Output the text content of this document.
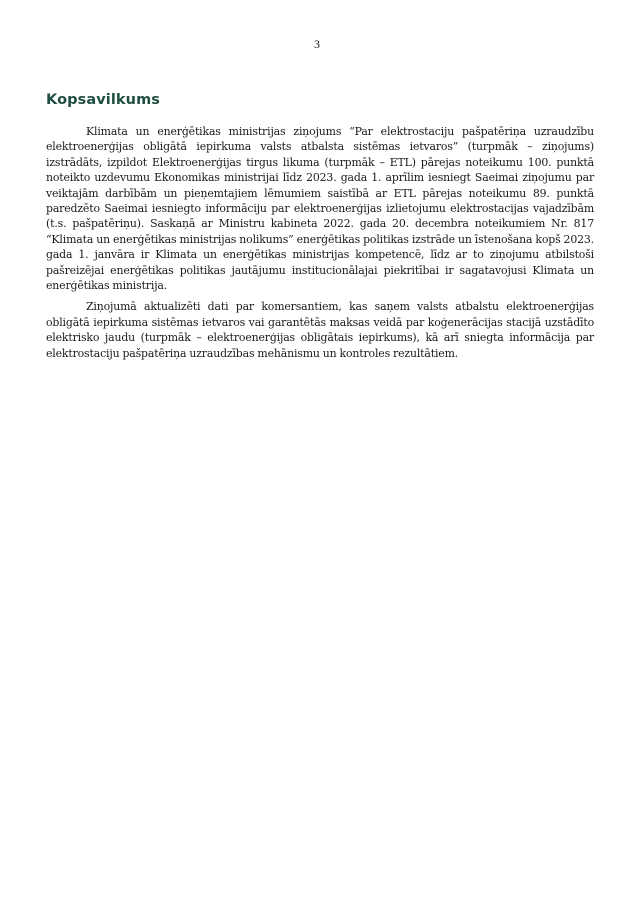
3
Kopsavilkums

Klimata un enerģētikas ministrijas ziņojums “Par elektrostaciju pašpatēriņa uzraudzību elektroenerģijas obligātā iepirkuma valsts atbalsta sistēmas ietvaros” (turpmāk – ziņojums) izstrādāts, izpildot Elektroenerģijas tirgus likuma (turpmāk – ETL) pārejas noteikumu 100. punktā noteikto uzdevumu Ekonomikas ministrijai līdz 2023. gada 1. aprīlim iesniegt Saeimai ziņojumu par veiktajām darbībām un pieņemtajiem lēmumiem saistībā ar ETL pārejas noteikumu 89. punktā paredzēto Saeimai iesniegto informāciju par elektroenerģijas izlietojumu elektrostacijas vajadzībām (t.s. pašpatēriņu). Saskaņā ar Ministru kabineta 2022. gada 20. decembra noteikumiem Nr. 817 “Klimata un enerģētikas ministrijas nolikums” enerģētikas politikas izstrāde un īstenošana kopš 2023. gada 1. janvāra ir Klimata un enerģētikas ministrijas kompetencē, līdz ar to ziņojumu atbilstoši pašreizējai enerģētikas politikas jautājumu institucionālajai piekritībai ir sagatavojusi Klimata un enerģētikas ministrija.

Ziņojumā aktualizēti dati par komersantiem, kas saņem valsts atbalstu elektroenerģijas obligātā iepirkuma sistēmas ietvaros vai garantētās maksas veidā par koģenerācijas stacijā uzstādīto elektrisko jaudu (turpmāk – elektroenerģijas obligātais iepirkums), kā arī sniegta informācija par elektrostaciju pašpatēriņa uzraudzības mehānismu un kontroles rezultātiem.
